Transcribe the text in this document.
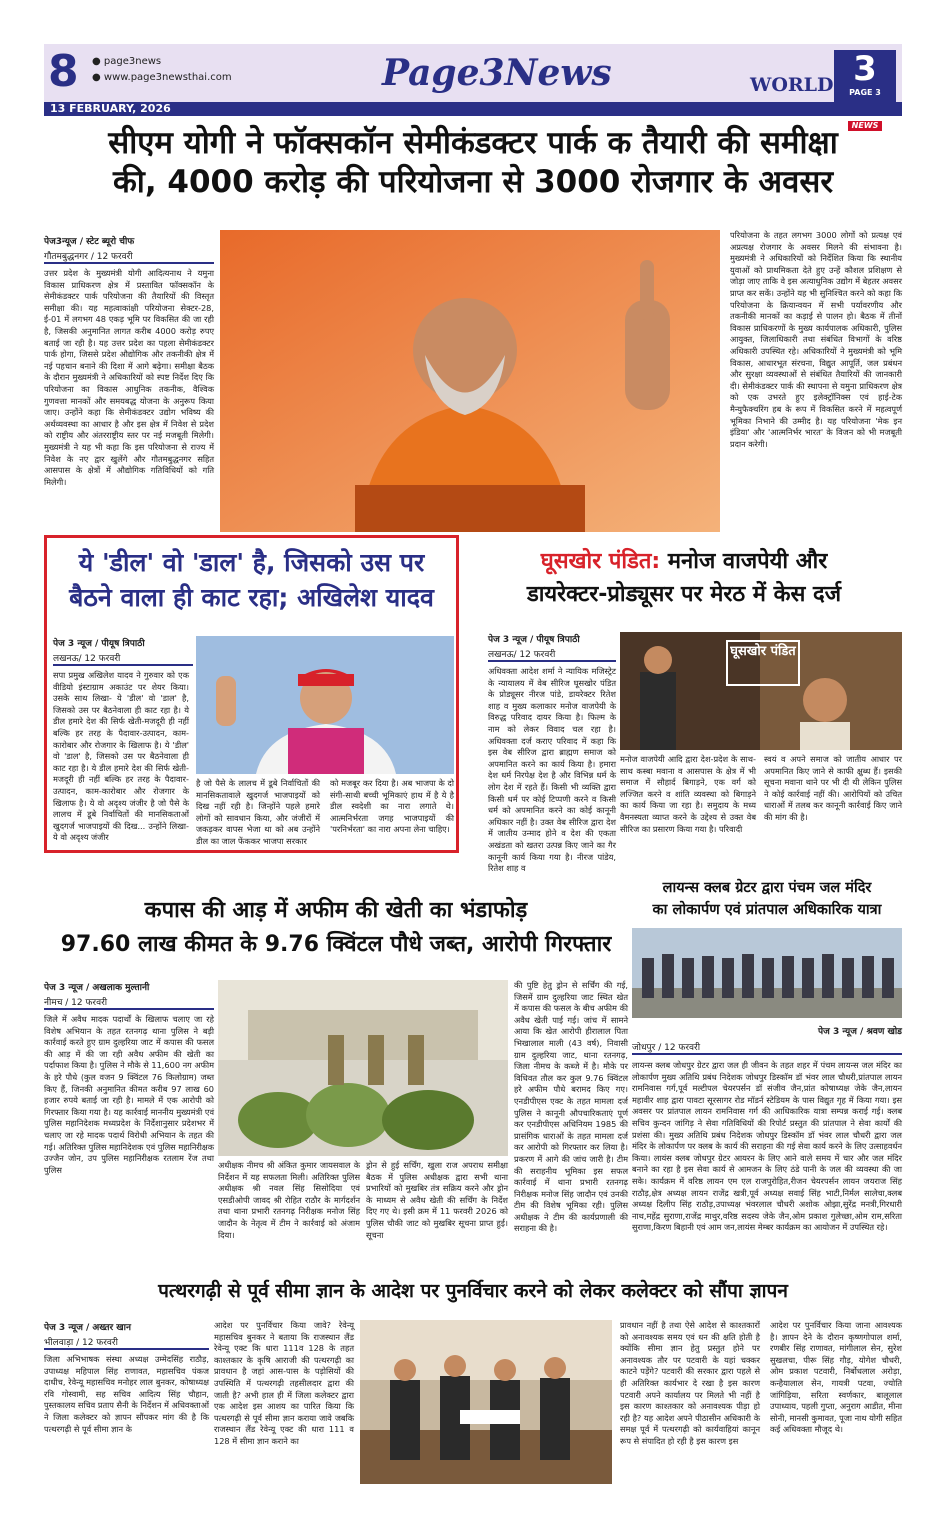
8 ● page3news
● www.page3newsthai.com
13 FEBRUARY, 2026
Page3News	WORLD 3
PAGE 3
NEWS
सीएम योगी ने फॉक्सकॉन सेमीकंडक्टर पार्क क तैयारी की समीक्षा
की, 4000 करोड़ की परियोजना से 3000 रोजगार के अवसर
पेज3न्यूज / स्टेट ब्यूरो चीफ
गौतमबुद्धनगर / 12 फरवरी
उत्तर प्रदेश के मुख्यमंत्री योगी आदित्यनाथ ने यमुना विकास प्राधिकरण क्षेत्र में प्रस्तावित फॉक्सकॉन के सेमीकंडक्टर पार्क परियोजना की तैयारियों की विस्तृत समीक्षा की। यह महत्वाकांक्षी परियोजना सेक्टर-28, ई-01 में लगभग 48 एकड़ भूमि पर विकसित की जा रही है, जिसकी अनुमानित लागत करीब 4000 करोड़ रुपए बताई जा रही है। यह उत्तर प्रदेश का पहला सेमीकंडक्टर पार्क होगा, जिससे प्रदेश औद्योगिक और तकनीकी क्षेत्र में नई पहचान बनाने की दिशा में आगे बढ़ेगा। समीक्षा बैठक के दौरान मुख्यमंत्री ने अधिकारियों को स्पष्ट निर्देश दिए कि परियोजना का विकास आधुनिक तकनीक, वैश्विक गुणवत्ता मानकों और समयबद्ध योजना के अनुरूप किया जाए। उन्होंने कहा कि सेमीकंडक्टर उद्योग भविष्य की अर्थव्यवस्था का आधार है और इस क्षेत्र में निवेश से प्रदेश को राष्ट्रीय और अंतरराष्ट्रीय स्तर पर नई मजबूती मिलेगी। मुख्यमंत्री ने यह भी कहा कि इस परियोजना से राज्य में निवेश के नए द्वार खुलेंगे और गौतमबुद्धनगर सहित आसपास के क्षेत्रों में औद्योगिक गतिविधियों को गति मिलेगी।
परियोजना के तहत लगभग 3000 लोगों को प्रत्यक्ष एवं अप्रत्यक्ष रोजगार के अवसर मिलने की संभावना है। मुख्यमंत्री ने अधिकारियों को निर्देशित किया कि स्थानीय युवाओं को प्राथमिकता देते हुए उन्हें कौशल प्रशिक्षण से जोड़ा जाए ताकि वे इस अत्याधुनिक उद्योग में बेहतर अवसर प्राप्त कर सकें। उन्होंने यह भी सुनिश्चित करने को कहा कि परियोजना के क्रियान्वयन में सभी पर्यावरणीय और तकनीकी मानकों का कड़ाई से पालन हो। बैठक में तीनों विकास प्राधिकरणों के मुख्य कार्यपालक अधिकारी, पुलिस आयुक्त, जिलाधिकारी तथा संबंधित विभागों के वरिष्ठ अधिकारी उपस्थित रहे। अधिकारियों ने मुख्यमंत्री को भूमि विकास, आधारभूत संरचना, विद्युत आपूर्ति, जल प्रबंधन और सुरक्षा व्यवस्थाओं से संबंधित तैयारियों की जानकारी दी। सेमीकंडक्टर पार्क की स्थापना से यमुना प्राधिकरण क्षेत्र को एक उभरते हुए इलेक्ट्रॉनिक्स एवं हाई-टेक मैन्युफैक्चरिंग हब के रूप में विकसित करने में महत्वपूर्ण भूमिका निभाने की उम्मीद है। यह परियोजना 'मेक इन इंडिया' और 'आत्मनिर्भर भारत' के विजन को भी मजबूती प्रदान करेगी।
ये 'डील' वो 'डाल' है, जिसको उस पर
बैठने वाला ही काट रहा; अखिलेश यादव
पेज 3 न्यूज / पीयूष त्रिपाठी
लखनऊ/ 12 फरवरी
सपा प्रमुख अखिलेश यादव ने गुरुवार को एक वीडियो इंस्टाग्राम अकाउंट पर शेयर किया। उसके साथ लिखा- ये 'डील' वो 'डाल' है, जिसको उस पर बैठनेवाला ही काट रहा है। ये डील हमारे देश की सिर्फ खेती-मजदूरी ही नहीं बल्कि हर तरह के पैदावार-उत्पादन, काम-कारोबार और रोजगार के खिलाफ है। ये 'डील' वो 'डाल' है, जिसको उस पर बैठनेवाला ही काट रहा है। ये डील हमारे देश की सिर्फ खेती-मजदूरी ही नहीं बल्कि हर तरह के पैदावार-उत्पादन, काम-कारोबार और रोजगार के खिलाफ है। ये वो अदृश्य जंजीर है जो पैसे के लालच में डूबे निर्वाचितों की मानसिकताओं खुदगर्ज भाजपाइयों की दिख... उन्होंने लिखा- ये वो अदृश्य जंजीर
है जो पैसे के लालच में डूबे निर्वाचितों की मानसिकतावाले खुदगर्ज भाजपाइयों को दिख नहीं रही है। जिन्होंने पहले हमारे लोगों को सावधान किया, और जंजीरों में जकड़कर वापस भेजा था को अब उन्होंने डील का जाल फेंककर भाजपा सरकार
को मजबूर कर दिया है। अब भाजपा के दो संगी-साथी बच्ची भूमिकाएं हाथ में है ये है डील स्वदेशी का नारा लगाते थे। आत्मनिर्भरता जगह भाजपाइयों की 'परनिर्भरता' का नारा अपना लेना चाहिए।
घूसखोर पंडित: मनोज वाजपेयी और
डायरेक्टर-प्रोड्यूसर पर मेरठ में केस दर्ज
पेज 3 न्यूज / पीयूष त्रिपाठी
लखनऊ/ 12 फरवरी
अधिवक्ता आदेश शर्मा ने न्यायिक मजिस्ट्रेट के न्यायालय में वेब सीरिज घूसखोर पंडित के प्रोड्यूसर नीरज पांडे, डायरेक्टर रितेश शाह व मुख्य कलाकार मनोज वाजपेयी के विरुद्ध परिवाद दायर किया है। फिल्म के नाम को लेकर विवाद चल रहा है। अधिवक्ता दर्ज कराए परिवाद में कहा कि इस वेब सीरिज द्वारा ब्राह्मण समाज को अपमानित करने का कार्य किया है। हमारा देश धर्म निरपेक्ष देश है और विभिन्न धर्म के लोग देश में रहते हैं। किसी भी व्यक्ति द्वारा किसी धर्म पर कोई टिप्पणी करने व किसी धर्म को अपमानित करने का कोई कानूनी अधिकार नहीं है। उक्त वेब सीरिज द्वारा देश में जातीय उन्माद होने व देश की एकता अखंडता को खतरा उत्पन्न किए जाने का गैर कानूनी कार्य किया गया है। नीरज पांडेय, रितेश शाह व
घूसखोर पंडित
मनोज वाजपेयी आदि द्वारा देश-प्रदेश के साथ-साथ कस्बा मवाना व आसपास के क्षेत्र में भी समाज में सौहार्द बिगाड़ने, एक वर्ग को लज्जित करने व शांति व्यवस्था को बिगाड़ने का कार्य किया जा रहा है। समुदाय के मध्य वैमनस्यता व्याप्त करने के उद्देश्य से उक्त वेब सीरिज का प्रसारण किया गया है। परिवादी
स्वयं व अपने समाज को जातीय आधार पर अपमानित किए जाने से काफी क्षुब्ध हैं। इसकी सूचना मवाना थाने पर भी दी थी लेकिन पुलिस ने कोई कार्रवाई नहीं की। आरोपियों को उचित धाराओं में तलब कर कानूनी कार्रवाई किए जाने की मांग की है।
कपास की आड़ में अफीम की खेती का भंडाफोड़
97.60 लाख कीमत के 9.76 क्विंटल पौधे जब्त, आरोपी गिरफ्तार
पेज 3 न्यूज / अखलाक मुल्तानी
नीमच / 12 फरवरी
जिले में अवैध मादक पदार्थों के खिलाफ चलाए जा रहे विशेष अभियान के तहत रतनगढ़ थाना पुलिस ने बड़ी कार्रवाई करते हुए ग्राम दुल्हरिया जाट में कपास की फसल की आड़ में की जा रही अवैध अफीम की खेती का पर्दाफाश किया है। पुलिस ने मौके से 11,600 नग अफीम के हरे पौधे (कुल वजन 9 क्विंटल 76 किलोग्राम) जब्त किए हैं, जिनकी अनुमानित कीमत करीब 97 लाख 60 हजार रुपये बताई जा रही है। मामले में एक आरोपी को गिरफ्तार किया गया है। यह कार्रवाई माननीय मुख्यमंत्री एवं पुलिस महानिदेशक मध्यप्रदेश के निर्देशानुसार प्रदेशभर में चलाए जा रहे मादक पदार्थ विरोधी अभियान के तहत की गई। अतिरिक्त पुलिस महानिदेशक एवं पुलिस महानिरीक्षक उज्जैन जोन, उप पुलिस महानिरीक्षक रतलाम रेंज तथा पुलिस	अधीक्षक नीमच श्री अंकित कुमार जायसवाल के निर्देशन में यह सफलता मिली। अतिरिक्त पुलिस अधीक्षक श्री नवल सिंह सिसोदिया एवं एसडीओपी जावद श्री रोहित राठौर के मार्गदर्शन तथा थाना प्रभारी रतनगढ़ निरीक्षक मनोज सिंह जादौन के नेतृत्व में टीम ने कार्रवाई को अंजाम दिया।
ड्रोन से हुई सर्चिंग, खुला राज अपराध समीक्षा बैठक में पुलिस अधीक्षक द्वारा सभी थाना प्रभारियों को मुखबिर तंत्र सक्रिय करने और ड्रोन के माध्यम से अवैध खेती की सर्चिंग के निर्देश दिए गए थे। इसी क्रम में 11 फरवरी 2026 को पुलिस चौकी जाट को मुखबिर सूचना प्राप्त हुई। सूचना
की पुष्टि हेतु ड्रोन से सर्चिंग की गई, जिसमें ग्राम दुल्हरिया जाट स्थित खेत में कपास की फसल के बीच अफीम की अवैध खेती पाई गई। जांच में सामने आया कि खेत आरोपी हीरालाल पिता भिखालाल माली (43 वर्ष), निवासी ग्राम दुल्हरिया जाट, थाना रतनगढ़, जिला नीमच के कब्जे में है। मौके पर विधिवत तौल कर कुल 9.76 क्विंटल हरे अफीम पौधे बरामद किए गए। एनडीपीएस एक्ट के तहत मामला दर्ज पुलिस ने कानूनी औपचारिकताएं पूर्ण कर एनडीपीएस अधिनियम 1985 की प्रासंगिक धाराओं के तहत मामला दर्ज कर आरोपी को गिरफ्तार कर लिया है। प्रकरण में आगे की जांच जारी है। टीम की सराहनीय भूमिका इस सफल कार्रवाई में थाना प्रभारी रतनगढ़ निरीक्षक मनोज सिंह जादौन एवं उनकी टीम की विशेष भूमिका रही। पुलिस अधीक्षक ने टीम की कार्यप्रणाली की सराहना की है।
लायन्स क्लब ग्रेटर द्वारा पंचम जल मंदिर
का लोकार्पण एवं प्रांतपाल अधिकारिक यात्रा
पेज 3 न्यूज / श्रवण खोड
जोधपुर / 12 फरवरी
लायन्स क्लब जोधपुर ग्रेटर द्वारा जल ही जीवन के तहत शहर में पंचम लायन्स जल मंदिर का लोकार्पण मुख्य अतिथि प्रबंध निदेशक जोधपुर डिस्कॉम डॉ भंवर लाल चौधरी,प्रांतपाल लायन रामनिवास गर्ग,पूर्व मल्टीपल चेयरपर्सन डॉ संजीव जैन,प्रांत कोषाध्यक्ष जेके जैन,लायन महावीर शाह द्वारा पावटा सूरसागर रोड मॉडर्न स्टेडियम के पास विद्युत गृह में किया गया। इस अवसर पर प्रांतपाल लायन रामनिवास गर्ग की आधिकारिक यात्रा सम्पन्न कराई गई। क्लब सचिव कुन्दन जांगिड़ ने सेवा गतिविधियों की रिपोर्ट प्रस्तुत की प्रांतपाल ने सेवा कार्यों की प्रशंसा की। मुख्य अतिथि प्रबंध निदेशक जोधपुर डिस्कॉम डॉ भंवर लाल चौधरी द्वारा जल मंदिर के लोकार्पण पर क्लब के कार्य की सराहना की गई सेवा कार्य करने के लिए उत्साहवर्धन किया। लायंस क्लब जोधपुर ग्रेटर आयरन के लिए आने वाले समय में चार और जल मंदिर बनाने का रहा है इस सेवा कार्य से आमजन के लिए ठंडे पानी के जल की व्यवस्था की जा सके। कार्यक्रम में वरिष्ठ लायन एम एल राजपुरोहित,रीजन चेयरपर्सन लायन जयराज सिंह राठौड़,क्षेत्र अध्यक्ष लायन राजेंद्र खत्री,पूर्व अध्यक्ष सवाई सिंह भाटी,निर्मल सालेचा,क्लब अध्यक्ष दिलीप सिंह राठौड़,उपाध्यक्ष भंवरलाल चौधरी अशोक ओझा,सुरेंद्र मनत्री,गिरधारी नाथ,महेंद्र सुराणा,राजेंद्र माथुर,वरिष्ठ सदस्य जेके जैन,ओम प्रकाश गुलेच्छा,ओम राम,सरिता सुराणा,किरण बिहानी एवं आम जन,लायंस मेम्बर कार्यक्रम का आयोजन में उपस्थित रहे।
पत्थरगढ़ी से पूर्व सीमा ज्ञान के आदेश पर पुनर्विचार करने को लेकर कलेक्टर को सौंपा ज्ञापन
पेज 3 न्यूज / अख्तर खान
भीलवाड़ा / 12 फरवरी
जिला अभिभाषक संस्था अध्यक्ष उम्मेदसिंह राठौड़, उपाध्यक्ष महिपाल सिंह राणावत, महासचिव पंकज दाधीच, रेवेन्यू महासचिव मनोहर लाल बुनकर, कोषाध्यक्ष रवि गोस्वामी, सह सचिव आदित्य सिंह चौहान, पुस्तकालय सचिव प्रताप सैनी के निर्देशन में अधिवक्ताओं ने जिला कलेक्टर को ज्ञापन सौंपकर मांग की है कि पत्थरगढ़ी से पूर्व सीमा ज्ञान के
आदेश पर पुनर्विचार किया जावे? रेवेन्यू महासचिव बुनकर ने बताया कि राजस्थान लैंड रेवेन्यू एक्ट कि धारा 111व 128 के तहत काश्तकार के कृषि आराजी की पत्थरगढ़ी का प्रावधान है जहां आस-पास के पड़ोसियों की उपस्थिति में पत्थरगढ़ी तहसीलदार द्वारा की जाती है? अभी हाल ही में जिला कलेक्टर द्वारा एक आदेश इस आशय का पारित किया कि पत्थरगढ़ी से पूर्व सीमा ज्ञान कराया जावे जबकि राजस्थान लैंड रेवेन्यू एक्ट की धारा 111 व 128 में सीमा ज्ञान कराने का
प्रावधान नहीं है तथा ऐसे आदेश से काश्तकारों को अनावश्यक समय एवं धन की क्षति होती है क्योंकि सीमा ज्ञान हेतु प्रस्तुत होने पर अनावश्यक तौर पर पटवारी के यहां चक्कर काटने पड़ेंगे? पटवारी की सरकार द्वारा पहले से ही अतिरिक्त कार्यभार दे रखा है इस कारण पटवारी अपने कार्यालय पर मिलते भी नहीं है इस कारण काश्तकार को अनावश्यक पीड़ा हो रही है? यह आदेश अपने पीठासीन अधिकारी के समक्ष पूर्व में पत्थरगढ़ी को कार्यवाहियां कानून रूप से संपादित हो रही है इस कारण इस
आदेश पर पुनर्विचार किया जाना आवश्यक है। ज्ञापन देने के दौरान कृष्णगोपाल शर्मा, रणबीर सिंह राणावत, मांगीलाल सेन, सुरेश सुखलचा, पीरू सिंह गौड़, योगेश चौधरी, ओम प्रकाश पटवारी, निर्बोधलाल अरोड़ा, कन्हैयालाल सेन, गायत्री पटवा, ज्योति जांगिड़िया, सरिता स्वर्णकार, बालूलाल उपाध्याय, पहली गुप्ता, अनुराग आडीत, मीना सोनी, मानसी कुमावत, पूजा नाथ योगी सहित कई अधिवक्ता मौजूद थे।
